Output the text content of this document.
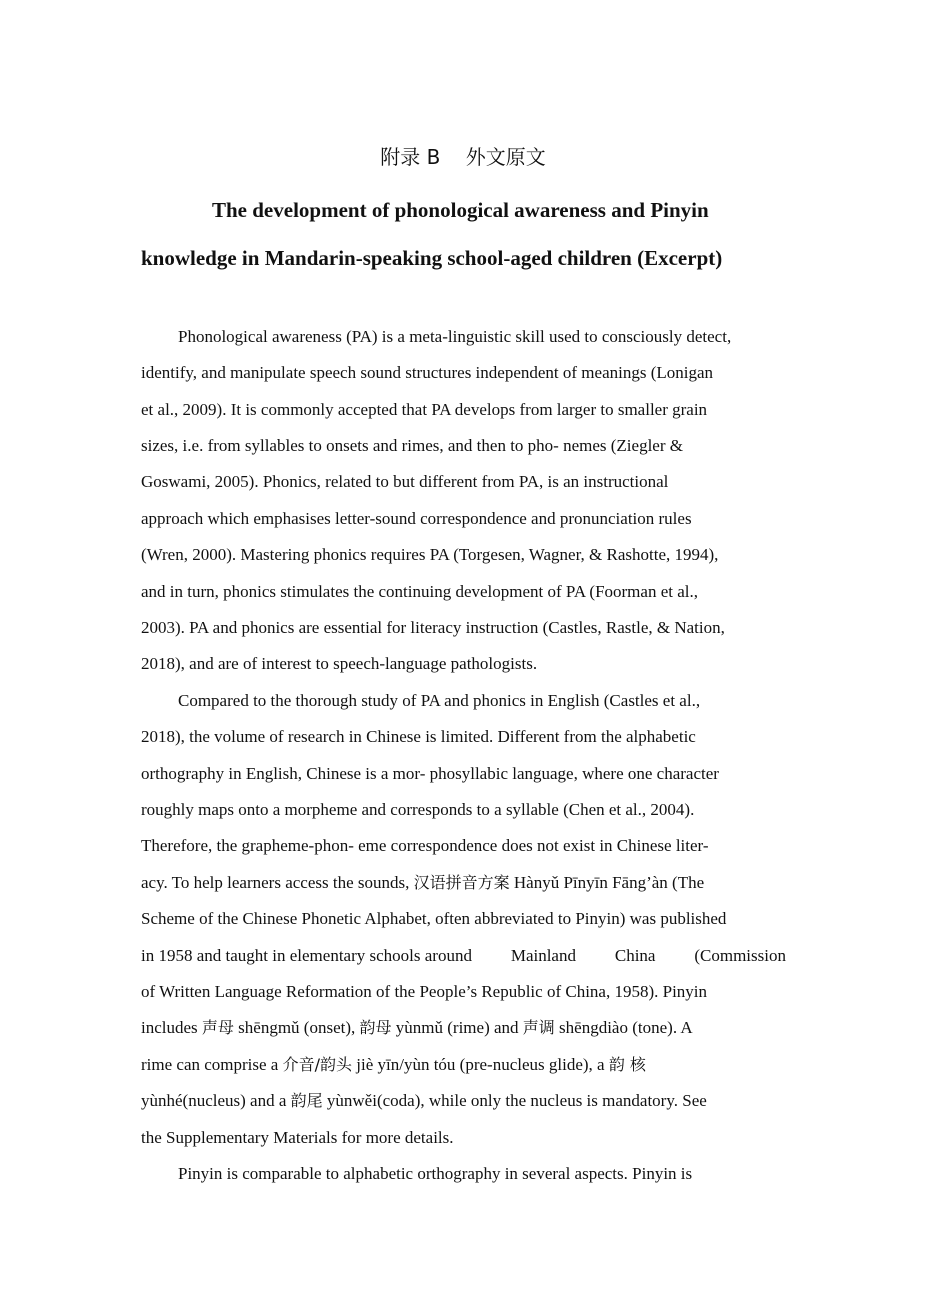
附录 B    外文原文
The development of phonological awareness and Pinyin
knowledge in Mandarin-speaking school-aged children (Excerpt)
Phonological awareness (PA) is a meta-linguistic skill used to consciously detect,
identify, and manipulate speech sound structures independent of meanings (Lonigan
et al., 2009). It is commonly accepted that PA develops from larger to smaller grain
sizes, i.e. from syllables to onsets and rimes, and then to pho- nemes (Ziegler &
Goswami, 2005). Phonics, related to but different from PA, is an instructional
approach which emphasises letter-sound correspondence and pronunciation rules
(Wren, 2000). Mastering phonics requires PA (Torgesen, Wagner, & Rashotte, 1994),
and in turn, phonics stimulates the continuing development of PA (Foorman et al.,
2003). PA and phonics are essential for literacy instruction (Castles, Rastle, & Nation,
2018), and are of interest to speech-language pathologists.
Compared to the thorough study of PA and phonics in English (Castles et al.,
2018), the volume of research in Chinese is limited. Different from the alphabetic
orthography in English, Chinese is a mor- phosyllabic language, where one character
roughly maps onto a morpheme and corresponds to a syllable (Chen et al., 2004).
Therefore, the grapheme-phon- eme correspondence does not exist in Chinese liter-
acy. To help learners access the sounds, 汉语拼音方案 Hànyǔ Pīnyīn Fāng’àn (The
Scheme of the Chinese Phonetic Alphabet, often abbreviated to Pinyin) was published
in 1958 and taught in elementary schools around Mainland China (Commission
of Written Language Reformation of the People’s Republic of China, 1958). Pinyin
includes 声母 shēngmǔ (onset), 韵母 yùnmǔ (rime) and 声调 shēngdiào (tone). A
rime can comprise a 介音/韵头 jiè yīn/yùn tóu (pre-nucleus glide), a 韵 核
yùnhé(nucleus) and a 韵尾 yùnwěi(coda), while only the nucleus is mandatory. See
the Supplementary Materials for more details.
Pinyin is comparable to alphabetic orthography in several aspects. Pinyin is
